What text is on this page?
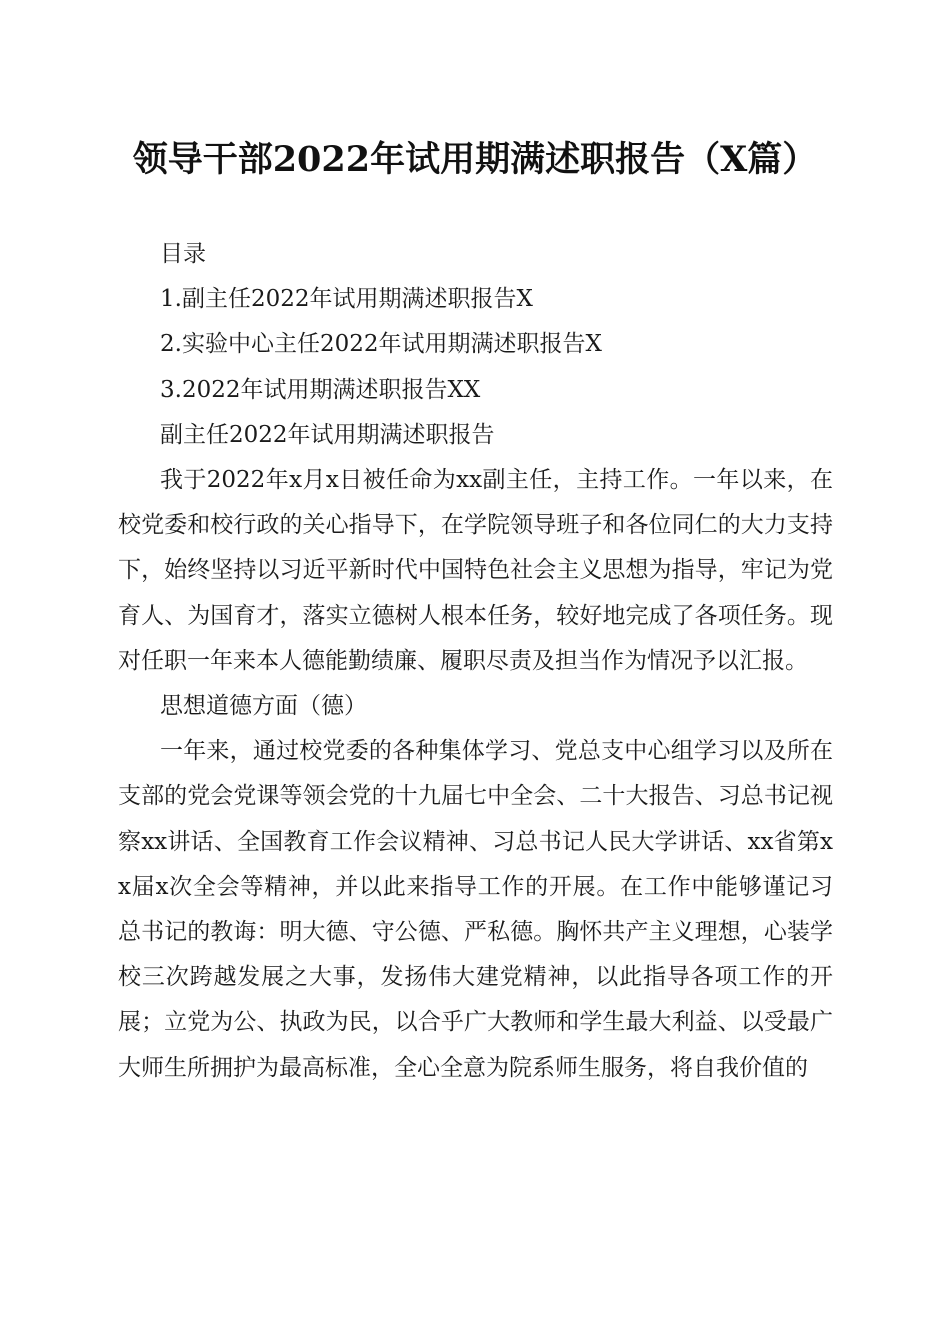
领导干部2022年试用期满述职报告（X篇）
目录
1.副主任2022年试用期满述职报告X
2.实验中心主任2022年试用期满述职报告X
3.2022年试用期满述职报告XX
副主任2022年试用期满述职报告

我于2022年x月x日被任命为xx副主任，主持工作。一年以来，在校党委和校行政的关心指导下，在学院领导班子和各位同仁的大力支持下，始终坚持以习近平新时代中国特色社会主义思想为指导，牢记为党育人、为国育才，落实立德树人根本任务，较好地完成了各项任务。现对任职一年来本人德能勤绩廉、履职尽责及担当作为情况予以汇报。

思想道德方面（德）

一年来，通过校党委的各种集体学习、党总支中心组学习以及所在支部的党会党课等领会党的十九届七中全会、二十大报告、习总书记视察xx讲话、全国教育工作会议精神、习总书记人民大学讲话、xx省第xx届x次全会等精神，并以此来指导工作的开展。在工作中能够谨记习总书记的教诲：明大德、守公德、严私德。胸怀共产主义理想，心装学校三次跨越发展之大事，发扬伟大建党精神，以此指导各项工作的开展；立党为公、执政为民，以合乎广大教师和学生最大利益、以受最广大师生所拥护为最高标准，全心全意为院系师生服务，将自我价值的
